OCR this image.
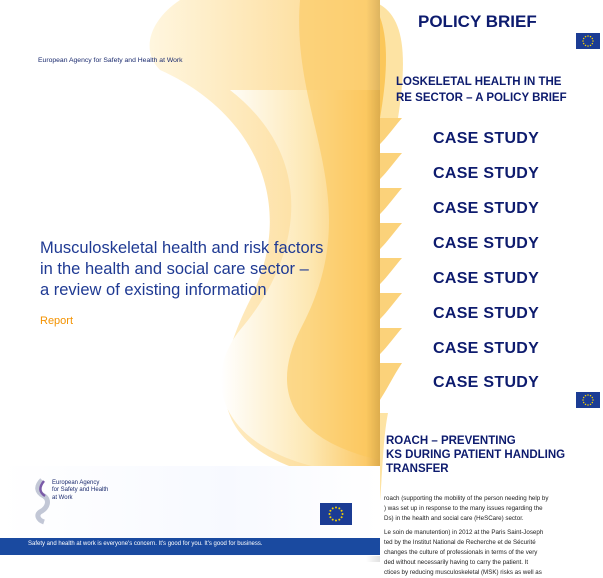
POLICY BRIEF
LOSKELETAL HEALTH IN THE
RE SECTOR – A POLICY BRIEF
CASE STUDY
CASE STUDY
CASE STUDY
CASE STUDY
CASE STUDY
CASE STUDY
CASE STUDY
CASE STUDY
ROACH – PREVENTING
KS DURING PATIENT HANDLING
TRANSFER
roach (supporting the mobility of the person needing help by
) was set up in response to the many issues regarding the
Ds) in the health and social care (HeSCare) sector.
Le soin de manutention) in 2012 at the Paris Saint-Joseph
ted by the Institut National de Recherche et de Sécurité
changes the culture of professionals in terms of the very
ded without necessarily having to carry the patient. It
ctices by reducing musculoskeletal (MSK) risks as well as
European Agency for Safety and Health at Work
Musculoskeletal health and risk factors
in the health and social care sector –
a review of existing information
Report
European Agency
for Safety and Health
at Work
Safety and health at work is everyone's concern. It's good for you. It's good for business.
